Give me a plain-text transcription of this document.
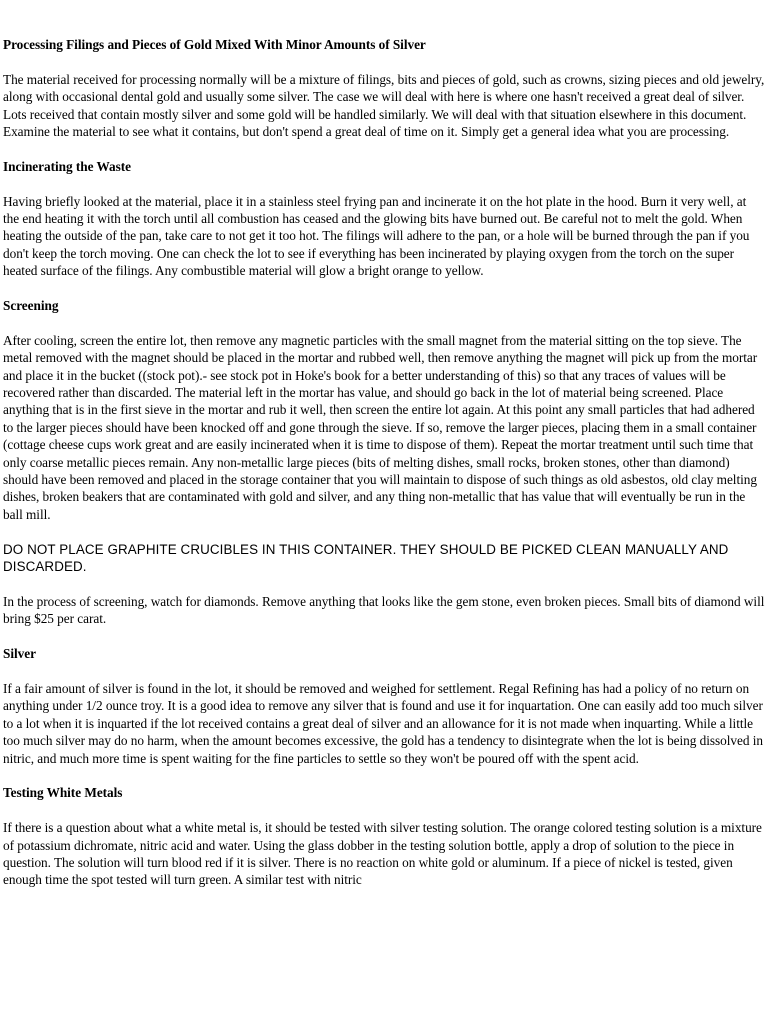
Processing Filings and Pieces of Gold Mixed With Minor Amounts of Silver

The material received for processing normally will be a mixture of filings, bits and pieces of gold, such as crowns, sizing pieces and old jewelry, along with occasional dental gold and usually some silver. The case we will deal with here is where one hasn't received a great deal of silver. Lots received that contain mostly silver and some gold will be handled similarly. We will deal with that situation elsewhere in this document. Examine the material to see what it contains, but don't spend a great deal of time on it. Simply get a general idea what you are processing.

Incinerating the Waste

Having briefly looked at the material, place it in a stainless steel frying pan and incinerate it on the hot plate in the hood. Burn it very well, at the end heating it with the torch until all combustion has ceased and the glowing bits have burned out. Be careful not to melt the gold. When heating the outside of the pan, take care to not get it too hot. The filings will adhere to the pan, or a hole will be burned through the pan if you don't keep the torch moving. One can check the lot to see if everything has been incinerated by playing oxygen from the torch on the super heated surface of the filings. Any combustible material will glow a bright orange to yellow.

Screening

After cooling, screen the entire lot, then remove any magnetic particles with the small magnet from the material sitting on the top sieve. The metal removed with the magnet should be placed in the mortar and rubbed well, then remove anything the magnet will pick up from the mortar and place it in the bucket ((stock pot).- see stock pot in Hoke's book for a better understanding of this) so that any traces of values will be recovered rather than discarded. The material left in the mortar has value, and should go back in the lot of material being screened. Place anything that is in the first sieve in the mortar and rub it well, then screen the entire lot again. At this point any small particles that had adhered to the larger pieces should have been knocked off and gone through the sieve. If so, remove the larger pieces, placing them in a small container (cottage cheese cups work great and are easily incinerated when it is time to dispose of them). Repeat the mortar treatment until such time that only coarse metallic pieces remain. Any non-metallic large pieces (bits of melting dishes, small rocks, broken stones, other than diamond) should have been removed and placed in the storage container that you will maintain to dispose of such things as old asbestos, old clay melting dishes, broken beakers that are contaminated with gold and silver, and any thing non-metallic that has value that will eventually be run in the ball mill.

DO NOT PLACE GRAPHITE CRUCIBLES IN THIS CONTAINER. THEY SHOULD BE PICKED CLEAN MANUALLY AND DISCARDED.

In the process of screening, watch for diamonds. Remove anything that looks like the gem stone, even broken pieces. Small bits of diamond will bring $25 per carat.

Silver

If a fair amount of silver is found in the lot, it should be removed and weighed for settlement. Regal Refining has had a policy of no return on anything under 1/2 ounce troy. It is a good idea to remove any silver that is found and use it for inquartation. One can easily add too much silver to a lot when it is inquarted if the lot received contains a great deal of silver and an allowance for it is not made when inquarting. While a little too much silver may do no harm, when the amount becomes excessive, the gold has a tendency to disintegrate when the lot is being dissolved in nitric, and much more time is spent waiting for the fine particles to settle so they won't be poured off with the spent acid.

Testing White Metals

If there is a question about what a white metal is, it should be tested with silver testing solution. The orange colored testing solution is a mixture of potassium dichromate, nitric acid and water. Using the glass dobber in the testing solution bottle, apply a drop of solution to the piece in question. The solution will turn blood red if it is silver. There is no reaction on white gold or aluminum. If a piece of nickel is tested, given enough time the spot tested will turn green. A similar test with nitric
